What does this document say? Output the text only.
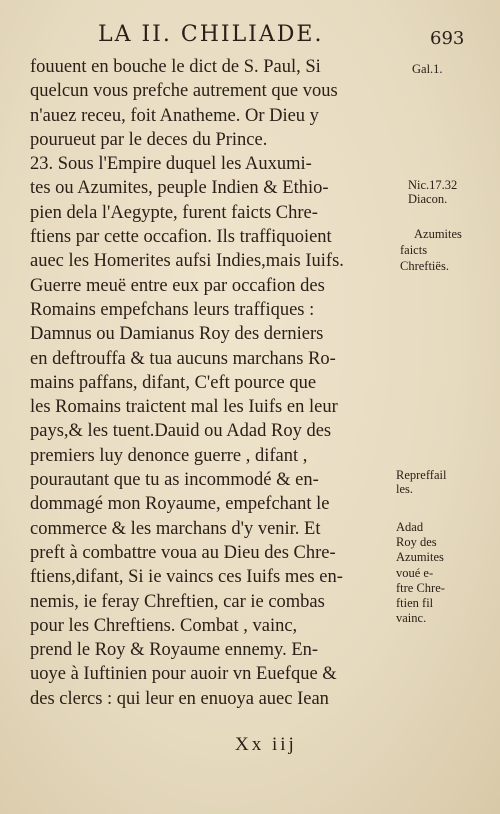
LA II. CHILIADE.	693
fouuent en bouche le dict de S. Paul, Si
quelcun vous prefche autrement que vous
n'auez receu, foit Anatheme. Or Dieu y
pourueut par le deces du Prince.
23. Sous l'Empire duquel les Auxumi-
tes ou Azumites, peuple Indien & Ethio-
pien dela l'Aegypte, furent faicts Chre-
ftiens par cette occafion. Ils traffiquoient
auec les Homerites aufsi Indies,mais Iuifs.
Guerre meuë entre eux par occafion des
Romains empefchans leurs traffiques :
Damnus ou Damianus Roy des derniers
en deftrouffa & tua aucuns marchans Ro-
mains paffans, difant, C'eft pource que
les Romains traictent mal les Iuifs en leur
pays,& les tuent.Dauid ou Adad Roy des
premiers luy denonce guerre , difant ,
pourautant que tu as incommodé & en-
dommagé mon Royaume, empefchant le
commerce & les marchans d'y venir. Et
preft à combattre voua au Dieu des Chre-
ftiens,difant, Si ie vaincs ces Iuifs mes en-
nemis, ie feray Chreftien, car ie combas
pour les Chreftiens. Combat , vainc,
prend le Roy & Royaume ennemy. En-
uoye à Iuftinien pour auoir vn Euefque &
des clercs : qui leur en enuoya auec Iean
Gal.1.
Nic.17.32
Diacon.
Azumites
faicts
Chreftiës.
Repreffail
les.
Adad
Roy des
Azumites
voué e-
ftre Chre-
ftien fil
vainc.
Xx iij
